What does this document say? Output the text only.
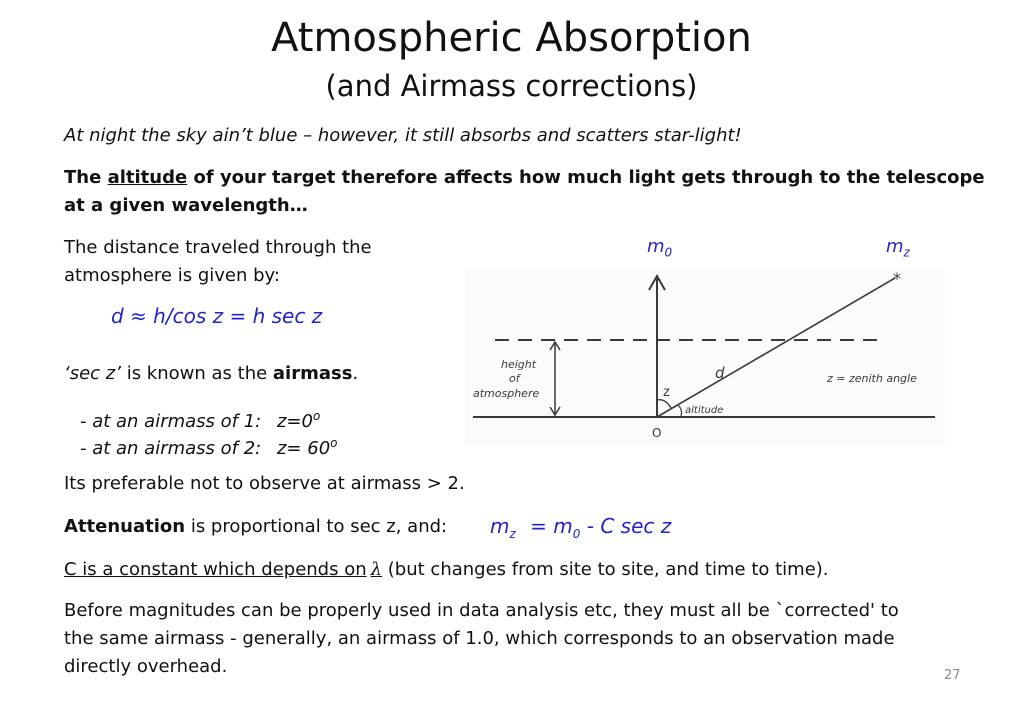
Atmospheric Absorption
(and Airmass corrections)
At night the sky ain’t blue – however, it still absorbs and scatters star-light!
The altitude of your target therefore affects how much light gets through to the telescope
at a given wavelength…
The distance traveled through the
atmosphere is given by:
d ≈ h/cos z = h sec z
‘sec z’ is known as the airmass.
- at an airmass of 1: $z=0^o$
- at an airmass of 2: $z= 60^o$
Its preferable not to observe at airmass > 2.
Attenuation is proportional to sec z, and: $m_z = m_0 - C$ sec z
C is a constant which depends on λ (but changes from site to site, and time to time).
Before magnitudes can be properly used in data analysis etc, they must all be `corrected' to
the same airmass - generally, an airmass of 1.0, which corresponds to an observation made
directly overhead.	27
$m_0$	$m_z$
*
height
of
atmosphere	z
altitude
d	z = zenith angle
O
